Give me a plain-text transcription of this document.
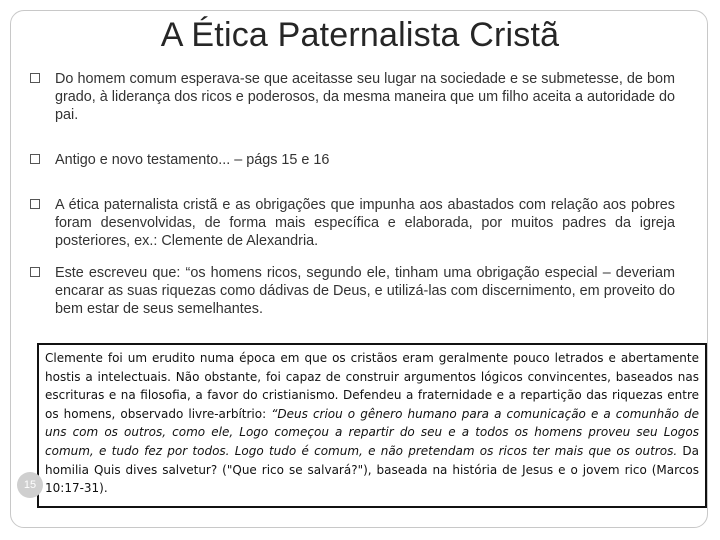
A Ética Paternalista Cristã
Do homem comum esperava-se que aceitasse seu lugar na sociedade e se submetesse, de bom grado, à liderança dos ricos e poderosos, da mesma maneira que um filho aceita a autoridade do pai.
Antigo e novo testamento... – págs 15 e 16
A ética paternalista cristã e as obrigações que impunha aos abastados com relação aos pobres foram desenvolvidas, de forma mais específica e elaborada, por muitos padres da igreja posteriores, ex.: Clemente de Alexandria.
Este escreveu que: “os homens ricos, segundo ele, tinham uma obrigação especial – deveriam encarar as suas riquezas como dádivas de Deus, e utilizá-las com discernimento, em proveito do bem estar de seus semelhantes.
Clemente foi um erudito numa época em que os cristãos eram geralmente pouco letrados e abertamente hostis a intelectuais. Não obstante, foi capaz de construir argumentos lógicos convincentes, baseados nas escrituras e na filosofia, a favor do cristianismo. Defendeu a fraternidade e a repartição das riquezas entre os homens, observado livre-arbítrio: “Deus criou o gênero humano para a comunicação e a comunhão de uns com os outros, como ele, Logo começou a repartir do seu e a todos os homens proveu seu Logos comum, e tudo fez por todos. Logo tudo é comum, e não pretendam os ricos ter mais que os outros. Da homilia Quis dives salvetur? ("Que rico se salvará?"), baseada na história de Jesus e o jovem rico (Marcos 10:17-31).
15
